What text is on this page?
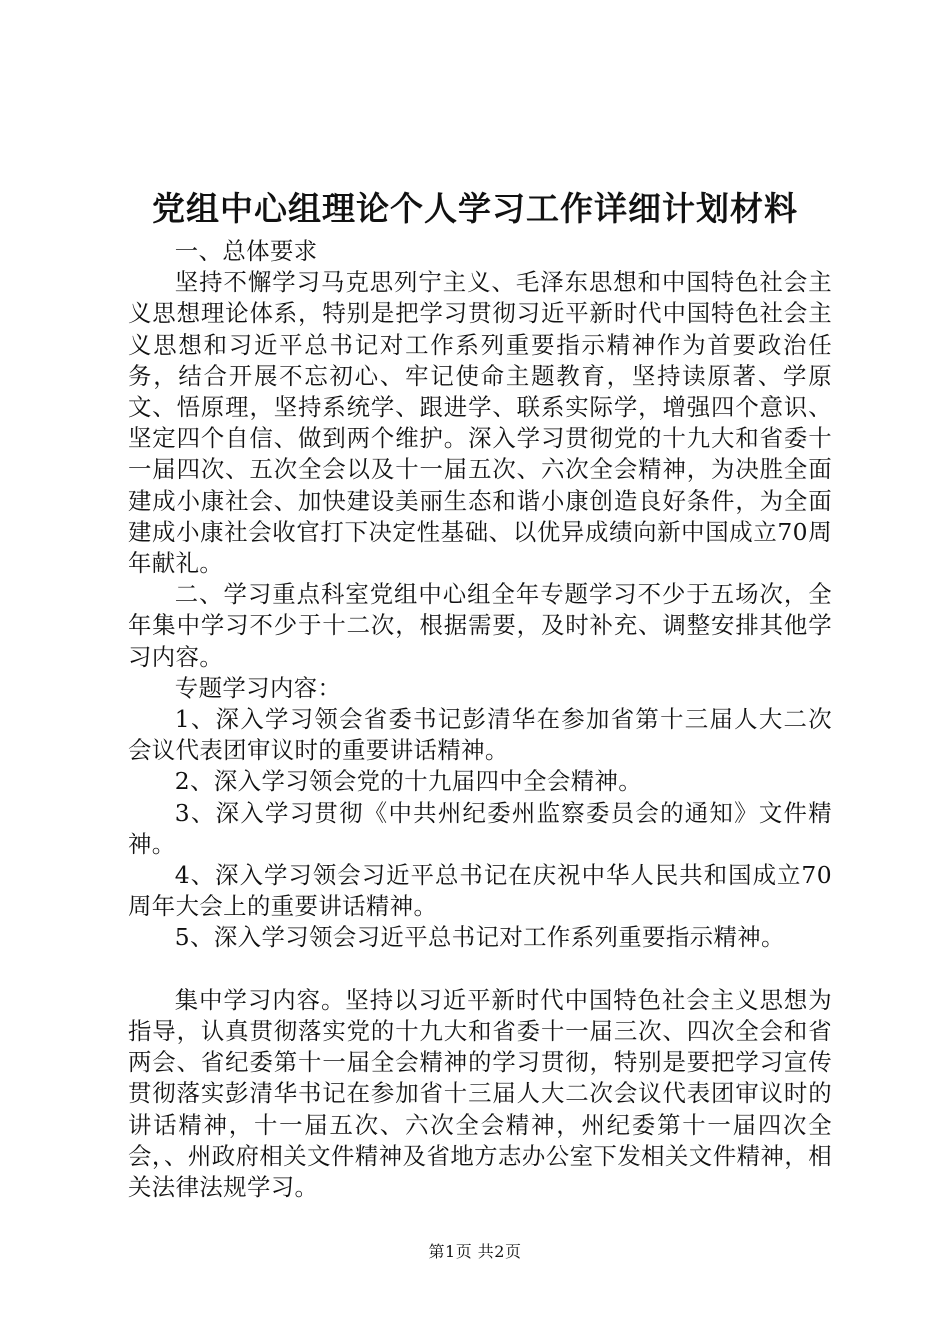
党组中心组理论个人学习工作详细计划材料

一、总体要求

坚持不懈学习马克思列宁主义、毛泽东思想和中国特色社会主义思想理论体系，特别是把学习贯彻习近平新时代中国特色社会主义思想和习近平总书记对工作系列重要指示精神作为首要政治任务，结合开展不忘初心、牢记使命主题教育，坚持读原著、学原文、悟原理，坚持系统学、跟进学、联系实际学，增强四个意识、坚定四个自信、做到两个维护。深入学习贯彻党的十九大和省委十一届四次、五次全会以及十一届五次、六次全会精神，为决胜全面建成小康社会、加快建设美丽生态和谐小康创造良好条件，为全面建成小康社会收官打下决定性基础、以优异成绩向新中国成立70周年献礼。

二、学习重点科室党组中心组全年专题学习不少于五场次，全年集中学习不少于十二次，根据需要，及时补充、调整安排其他学习内容。

专题学习内容：

1、深入学习领会省委书记彭清华在参加省第十三届人大二次会议代表团审议时的重要讲话精神。

2、深入学习领会党的十九届四中全会精神。

3、深入学习贯彻《中共州纪委州监察委员会的通知》文件精神。

4、深入学习领会习近平总书记在庆祝中华人民共和国成立70周年大会上的重要讲话精神。

5、深入学习领会习近平总书记对工作系列重要指示精神。

集中学习内容。坚持以习近平新时代中国特色社会主义思想为指导，认真贯彻落实党的十九大和省委十一届三次、四次全会和省两会、省纪委第十一届全会精神的学习贯彻，特别是要把学习宣传贯彻落实彭清华书记在参加省十三届人大二次会议代表团审议时的讲话精神，十一届五次、六次全会精神，州纪委第十一届四次全会，、州政府相关文件精神及省地方志办公室下发相关文件精神，相关法律法规学习。

第1页 共2页
